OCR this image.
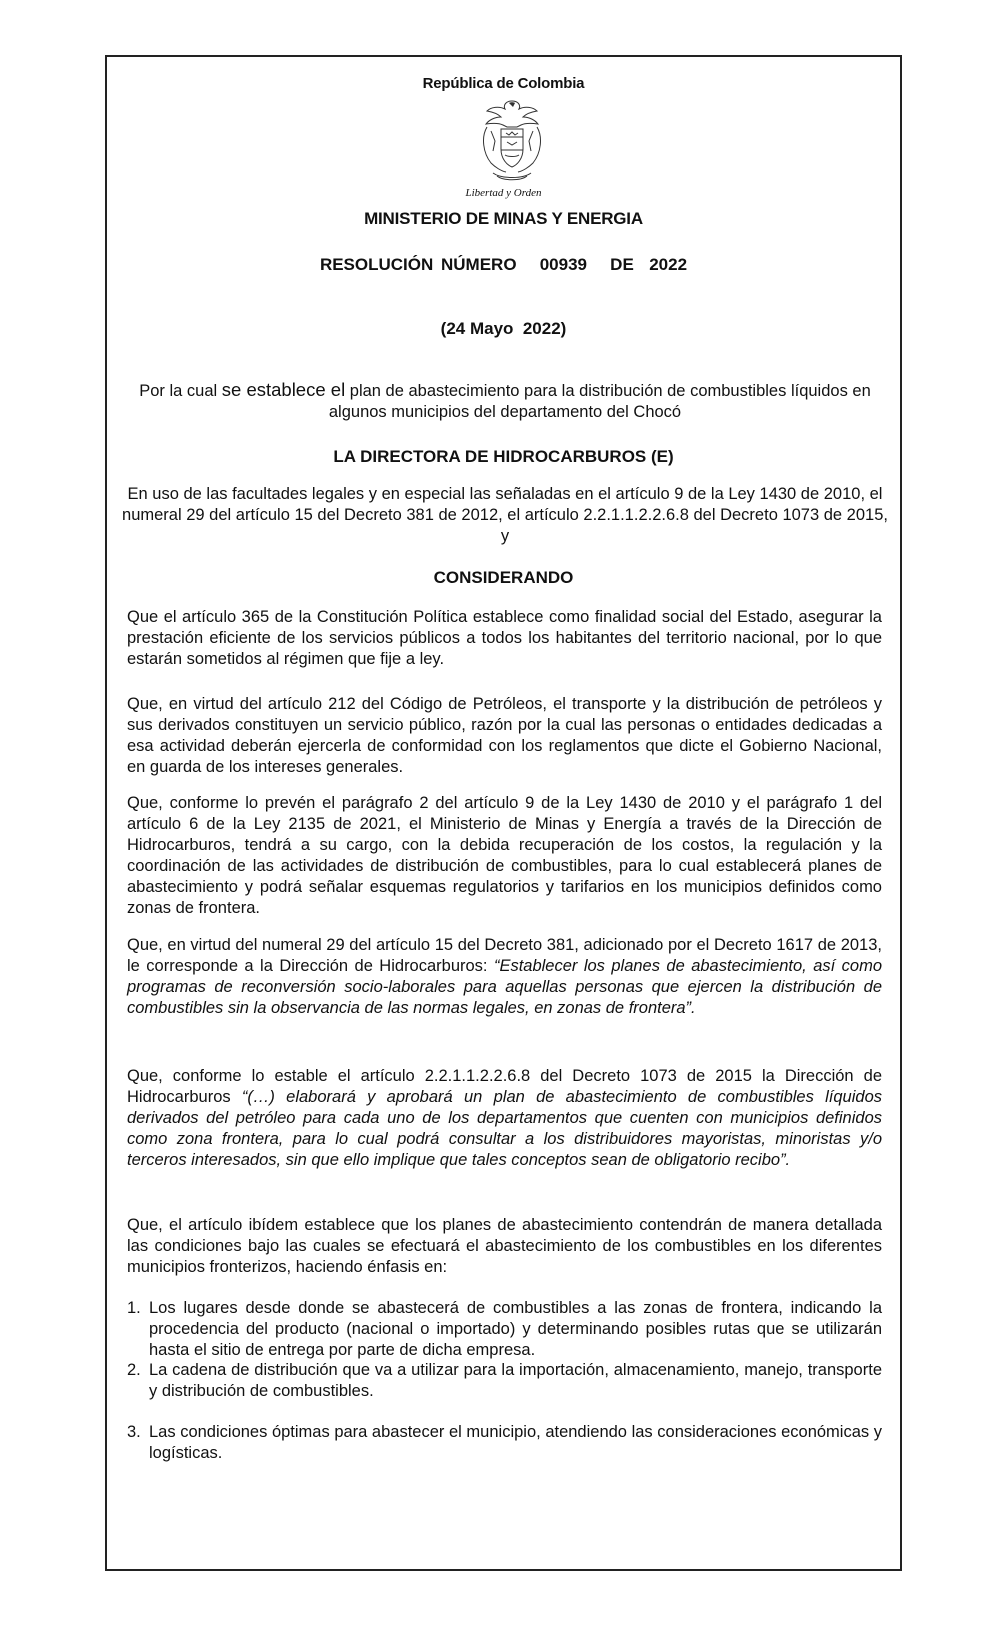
República de Colombia
Libertad y Orden
MINISTERIO DE MINAS Y ENERGIA
RESOLUCIÓN NÚMERO   00939   DE  2022
(24 Mayo  2022)
Por la cual se establece el plan de abastecimiento para la distribución de combustibles líquidos en algunos municipios del departamento del Chocó
LA DIRECTORA DE HIDROCARBUROS (E)
En uso de las facultades legales y en especial las señaladas en el artículo 9 de la Ley 1430 de 2010, el numeral 29 del artículo 15 del Decreto 381 de 2012, el artículo 2.2.1.1.2.2.6.8 del Decreto 1073 de 2015, y
CONSIDERANDO
Que el artículo 365 de la Constitución Política establece como finalidad social del Estado, asegurar la prestación eficiente de los servicios públicos a todos los habitantes del territorio nacional, por lo que estarán sometidos al régimen que fije a ley.
Que, en virtud del artículo 212 del Código de Petróleos, el transporte y la distribución de petróleos y sus derivados constituyen un servicio público, razón por la cual las personas o entidades dedicadas a esa actividad deberán ejercerla de conformidad con los reglamentos que dicte el Gobierno Nacional, en guarda de los intereses generales.
Que, conforme lo prevén el parágrafo 2 del artículo 9 de la Ley 1430 de 2010 y el parágrafo 1 del artículo 6 de la Ley 2135 de 2021, el Ministerio de Minas y Energía a través de la Dirección de Hidrocarburos, tendrá a su cargo, con la debida recuperación de los costos, la regulación y la coordinación de las actividades de distribución de combustibles, para lo cual establecerá planes de abastecimiento y podrá señalar esquemas regulatorios y tarifarios en los municipios definidos como zonas de frontera.
Que, en virtud del numeral 29 del artículo 15 del Decreto 381, adicionado por el Decreto 1617 de 2013, le corresponde a la Dirección de Hidrocarburos: “Establecer los planes de abastecimiento, así como programas de reconversión socio-laborales para aquellas personas que ejercen la distribución de combustibles sin la observancia de las normas legales, en zonas de frontera”.
Que, conforme lo estable el artículo 2.2.1.1.2.2.6.8 del Decreto 1073 de 2015 la Dirección de Hidrocarburos “(…) elaborará y aprobará un plan de abastecimiento de combustibles líquidos derivados del petróleo para cada uno de los departamentos que cuenten con municipios definidos como zona frontera, para lo cual podrá consultar a los distribuidores mayoristas, minoristas y/o terceros interesados, sin que ello implique que tales conceptos sean de obligatorio recibo”.
Que, el artículo ibídem establece que los planes de abastecimiento contendrán de manera detallada las condiciones bajo las cuales se efectuará el abastecimiento de los combustibles en los diferentes municipios fronterizos, haciendo énfasis en:
1. Los lugares desde donde se abastecerá de combustibles a las zonas de frontera, indicando la procedencia del producto (nacional o importado) y determinando posibles rutas que se utilizarán hasta el sitio de entrega por parte de dicha empresa.
2. La cadena de distribución que va a utilizar para la importación, almacenamiento, manejo, transporte y distribución de combustibles.
3. Las condiciones óptimas para abastecer el municipio, atendiendo las consideraciones económicas y logísticas.
